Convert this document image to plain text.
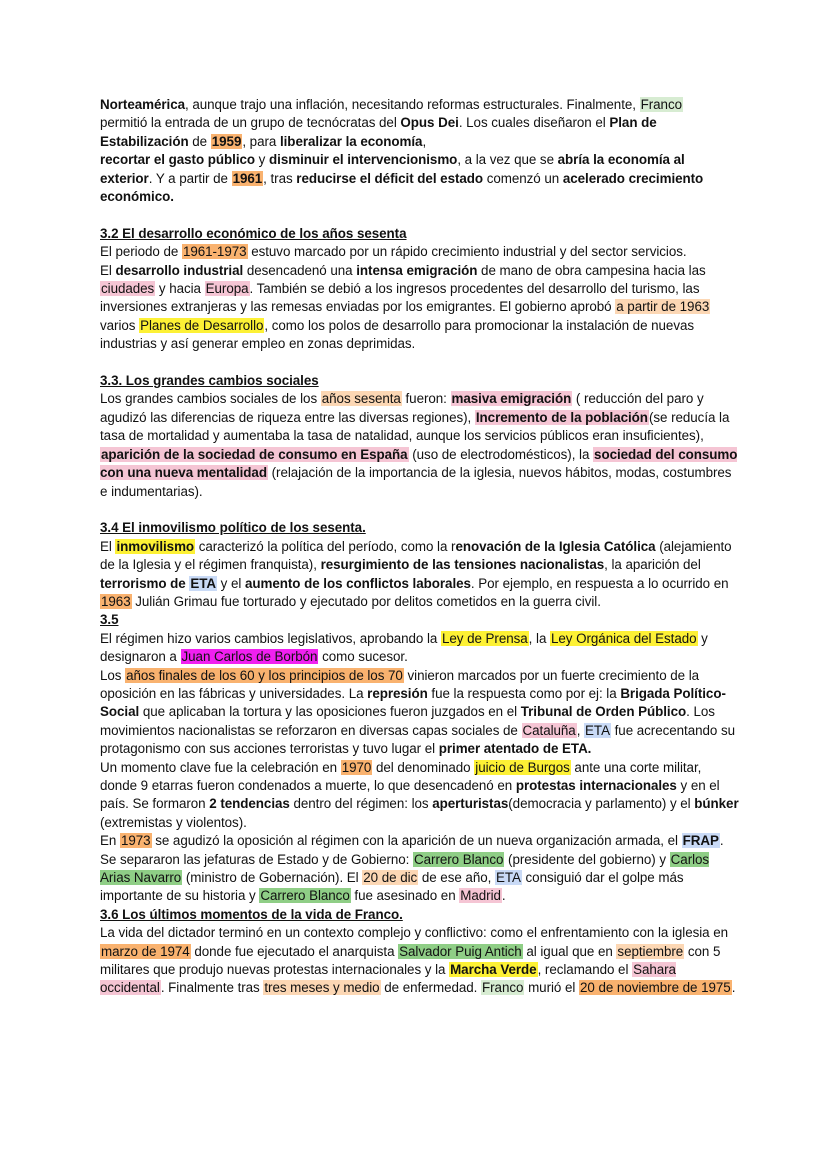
Norteamérica, aunque trajo una inflación, necesitando reformas estructurales. Finalmente, Franco
permitió la entrada de un grupo de tecnócratas del Opus Dei. Los cuales diseñaron el Plan de Estabilización de 1959, para liberalizar la economía,
recortar el gasto público y disminuir el intervencionismo, a la vez que se abría la economía al exterior. Y a partir de 1961, tras reducirse el déficit del estado comenzó un acelerado crecimiento económico.

3.2 El desarrollo económico de los años sesenta

El periodo de 1961-1973 estuvo marcado por un rápido crecimiento industrial y del sector servicios.
El desarrollo industrial desencadenó una intensa emigración de mano de obra campesina hacia las ciudades y hacia Europa. También se debió a los ingresos procedentes del desarrollo del turismo, las inversiones extranjeras y las remesas enviadas por los emigrantes. El gobierno aprobó a partir de 1963 varios Planes de Desarrollo, como los polos de desarrollo para promocionar la instalación de nuevas industrias y así generar empleo en zonas deprimidas.

3.3. Los grandes cambios sociales

Los grandes cambios sociales de los años sesenta fueron: masiva emigración ( reducción del paro y agudizó las diferencias de riqueza entre las diversas regiones), Incremento de la población(se reducía la tasa de mortalidad y aumentaba la tasa de natalidad, aunque los servicios públicos eran insuficientes), aparición de la sociedad de consumo en España (uso de electrodomésticos), la sociedad del consumo con una nueva mentalidad (relajación de la importancia de la iglesia, nuevos hábitos, modas, costumbres e indumentarias).

3.4 El inmovilismo político de los sesenta.

El inmovilismo caracterizó la política del período, como la renovación de la Iglesia Católica (alejamiento de la Iglesia y el régimen franquista), resurgimiento de las tensiones nacionalistas, la aparición del terrorismo de ETA y el aumento de los conflictos laborales. Por ejemplo, en respuesta a lo ocurrido en 1963 Julián Grimau fue torturado y ejecutado por delitos cometidos en la guerra civil.

3.5

El régimen hizo varios cambios legislativos, aprobando la Ley de Prensa, la Ley Orgánica del Estado y designaron a Juan Carlos de Borbón como sucesor.

Los años finales de los 60 y los principios de los 70 vinieron marcados por un fuerte crecimiento de la oposición en las fábricas y universidades. La represión fue la respuesta como por ej: la Brigada Político- Social que aplicaban la tortura y las oposiciones fueron juzgados en el Tribunal de Orden Público. Los movimientos nacionalistas se reforzaron en diversas capas sociales de Cataluña, ETA fue acrecentando su protagonismo con sus acciones terroristas y tuvo lugar el primer atentado de ETA.

Un momento clave fue la celebración en 1970 del denominado juicio de Burgos ante una corte militar, donde 9 etarras fueron condenados a muerte, lo que desencadenó en protestas internacionales y en el país. Se formaron 2 tendencias dentro del régimen: los aperturistas(democracia y parlamento) y el búnker (extremistas y violentos).

En 1973 se agudizó la oposición al régimen con la aparición de un nueva organización armada, el FRAP. Se separaron las jefaturas de Estado y de Gobierno: Carrero Blanco (presidente del gobierno) y Carlos Arias Navarro (ministro de Gobernación). El 20 de dic de ese año, ETA consiguió dar el golpe más importante de su historia y Carrero Blanco fue asesinado en Madrid.

3.6 Los últimos momentos de la vida de Franco.

La vida del dictador terminó en un contexto complejo y conflictivo: como el enfrentamiento con la iglesia en marzo de 1974 donde fue ejecutado el anarquista Salvador Puig Antich al igual que en septiembre con 5 militares que produjo nuevas protestas internacionales y la Marcha Verde, reclamando el Sahara occidental. Finalmente tras tres meses y medio de enfermedad. Franco murió el 20 de noviembre de 1975.
